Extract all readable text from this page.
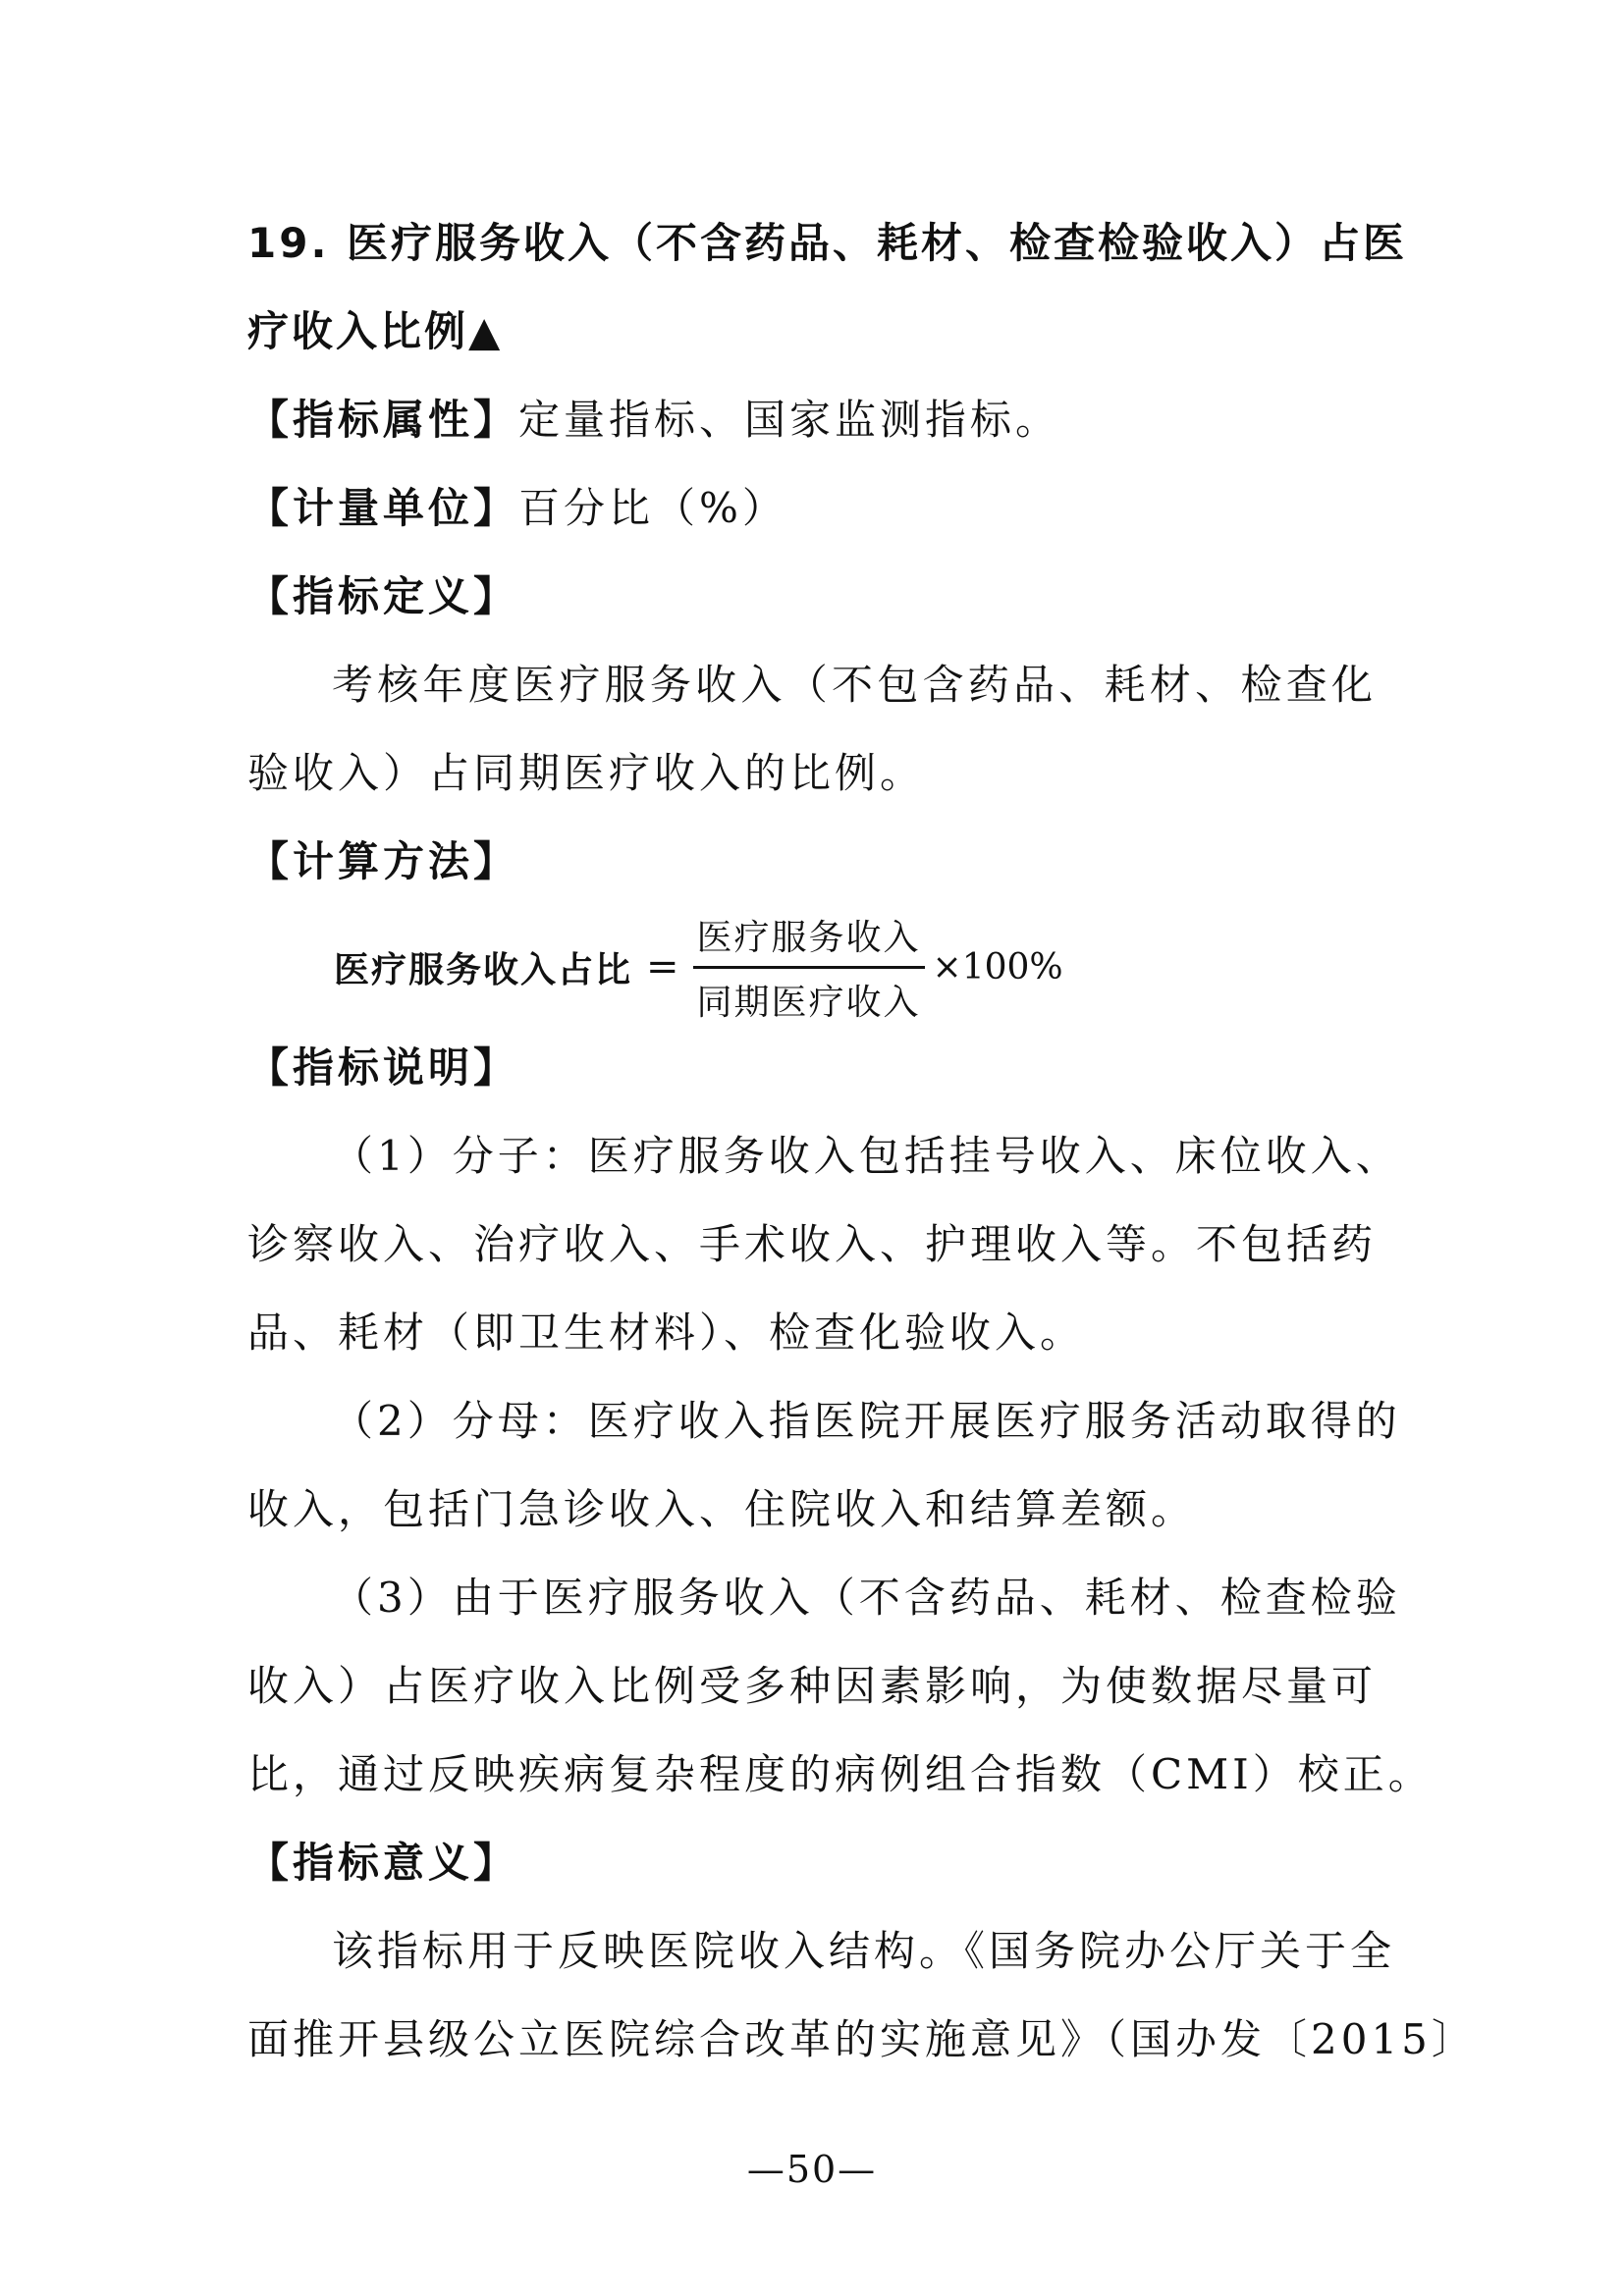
19. 医疗服务收入（不含药品、耗材、检查检验收入）占医
疗收入比例▲
【指标属性】定量指标、国家监测指标。
【计量单位】百分比（%）
【指标定义】
考核年度医疗服务收入（不包含药品、耗材、检查化
验收入）占同期医疗收入的比例。
【计算方法】
医疗服务收入占比 = $\frac{\text{医疗服务收入}}{\text{同期医疗收入}} \times 100\%$
【指标说明】
（1）分子：医疗服务收入包括挂号收入、床位收入、
诊察收入、治疗收入、手术收入、护理收入等。不包括药
品、耗材（即卫生材料）、检查化验收入。
（2）分母：医疗收入指医院开展医疗服务活动取得的
收入，包括门急诊收入、住院收入和结算差额。
（3）由于医疗服务收入（不含药品、耗材、检查检验
收入）占医疗收入比例受多种因素影响，为使数据尽量可
比，通过反映疾病复杂程度的病例组合指数（CMI）校正。
【指标意义】
该指标用于反映医院收入结构。《国务院办公厅关于全
面推开县级公立医院综合改革的实施意见》（国办发〔2015〕
—50—
